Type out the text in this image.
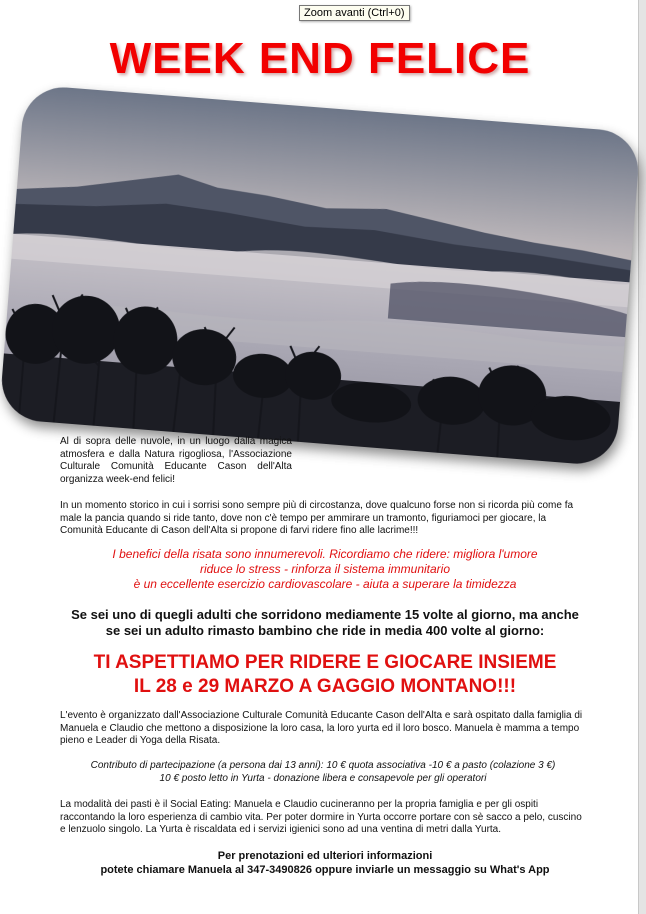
Zoom avanti (Ctrl+0)
WEEK END FELICE

Al di sopra delle nuvole, in un luogo dalla magica atmosfera e dalla Natura rigogliosa, l'Associazione Culturale Comunità Educante Cason dell'Alta organizza week-end felici!

In un momento storico in cui i sorrisi sono sempre più di circostanza, dove qualcuno forse non si ricorda più come fa male la pancia quando si ride tanto, dove non c'è tempo per ammirare un tramonto, figuriamoci per giocare, la Comunità Educante di Cason dell'Alta si propone di farvi ridere fino alle lacrime!!!

I benefici della risata sono innumerevoli. Ricordiamo che ridere: migliora l'umore
riduce lo stress - rinforza il sistema immunitario
è un eccellente esercizio cardiovascolare - aiuta a superare la timidezza
Se sei uno di quegli adulti che sorridono mediamente 15 volte al giorno, ma anche
se sei un adulto rimasto bambino che ride in media 400 volte al giorno:
TI ASPETTIAMO PER RIDERE E GIOCARE INSIEME
IL 28 e 29 MARZO A GAGGIO MONTANO!!!

L'evento è organizzato dall'Associazione Culturale Comunità Educante Cason dell'Alta e sarà ospitato dalla famiglia di Manuela e Claudio che mettono a disposizione la loro casa, la loro yurta ed il loro bosco. Manuela è mamma a tempo pieno e Leader di Yoga della Risata.

Contributo di partecipazione (a persona dai 13 anni): 10 € quota associativa -10 € a pasto (colazione 3 €)
10 € posto letto in Yurta - donazione libera e consapevole per gli operatori

La modalità dei pasti è il Social Eating: Manuela e Claudio cucineranno per la propria famiglia e per gli ospiti raccontando la loro esperienza di cambio vita. Per poter dormire in Yurta occorre portare con sè sacco a pelo, cuscino e lenzuolo singolo. La Yurta è riscaldata ed i servizi igienici sono ad una ventina di metri dalla Yurta.

Per prenotazioni ed ulteriori informazioni
potete chiamare Manuela al 347-3490826 oppure inviarle un messaggio su What's App
